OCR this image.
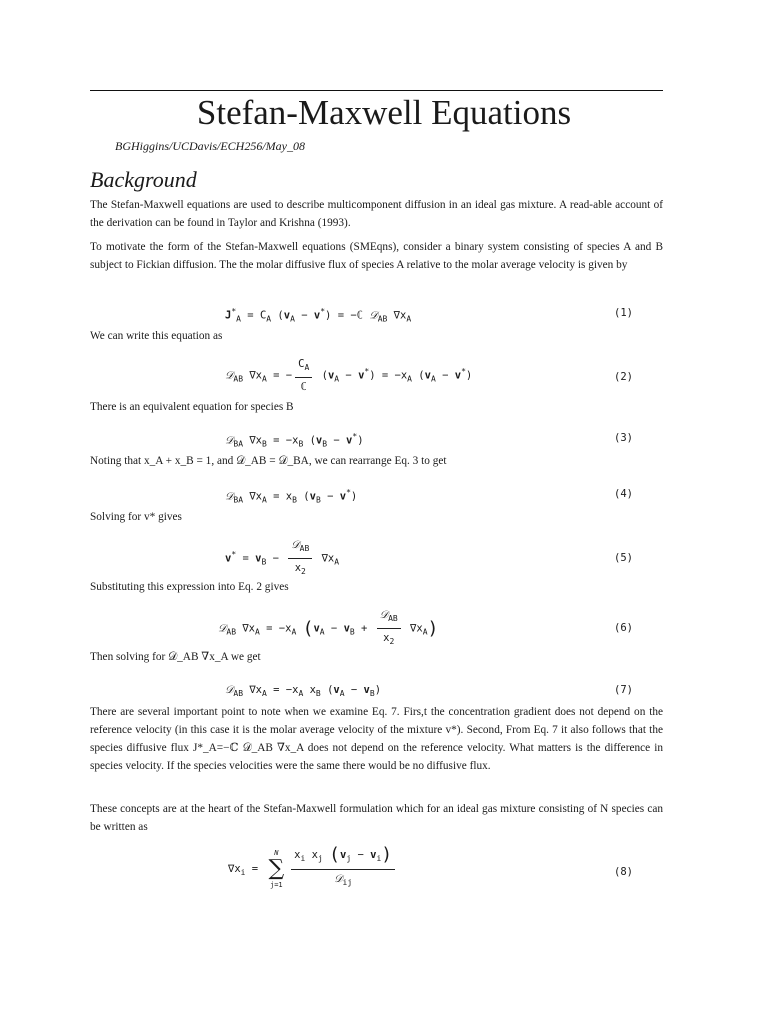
Stefan-Maxwell Equations
BGHiggins/UCDavis/ECH256/May_08
Background

The Stefan-Maxwell equations are used to describe multicomponent diffusion in an ideal gas mixture. A read-able account of the derivation can be found in Taylor and Krishna (1993).

To motivate the form of the Stefan-Maxwell equations (SMEqns), consider a binary system consisting of species A and B subject to Fickian diffusion. The the molar diffusive flux of species A relative to the molar average velocity is given by

$J^*_A = C_A$ $(v_A - v^*)$ = −ℂ 𝒟$_{AB}$ $\nabla x_A$
(1)

We can write this equation as

𝒟$_{AB}$ $\nabla x_A$ = − $\frac{C_A}{\text{ℂ}} (v_A - v^*) = -x_A$ $(v_A - v^*)$	(2)

There is an equivalent equation for species B

𝒟$_{BA}$ $\nabla x_B = -x_B$ $(v_B - v^*)$	(3)

Noting that x_A + x_B = 1, and 𝒟_AB = 𝒟_BA, we can rearrange Eq. 3 to get

𝒟$_{BA}$ $\nabla x_A = x_B$ $(v_B - v^*)$	(4)

Solving for v* gives

$v^* = v_B - \frac{𝒟_{AB}}{x_2} \nabla x_A$	(5)

Substituting this expression into Eq. 2 gives

𝒟$_{AB}$ $\nabla x_A = -x_A$ $(v_A - v_B + \frac{𝒟_{AB}}{x_2} \nabla x_A)$	(6)

Then solving for 𝒟_AB ∇x_A we get

𝒟$_{AB}$ $\nabla x_A = -x_A$ $x_B$ $(v_A - v_B)$	(7)

There are several important point to note when we examine Eq. 7. Firs,t the concentration gradient does not depend on the reference velocity (in this case it is the molar average velocity of the mixture v*). Second, From Eq. 7 it also follows that the species diffusive flux J*_A=−ℂ 𝒟_AB ∇x_A does not depend on the reference velocity. What matters is the difference in species velocity. If the species velocities were the same there would be no diffusive flux.

These concepts are at the heart of the Stefan-Maxwell formulation which for an ideal gas mixture consisting of N species can be written as

$\nabla x_i$ =
N
∑
$j=1 \frac{x_i x_j (v_j - v_i)}{𝒟_{ij}}$	(8)
